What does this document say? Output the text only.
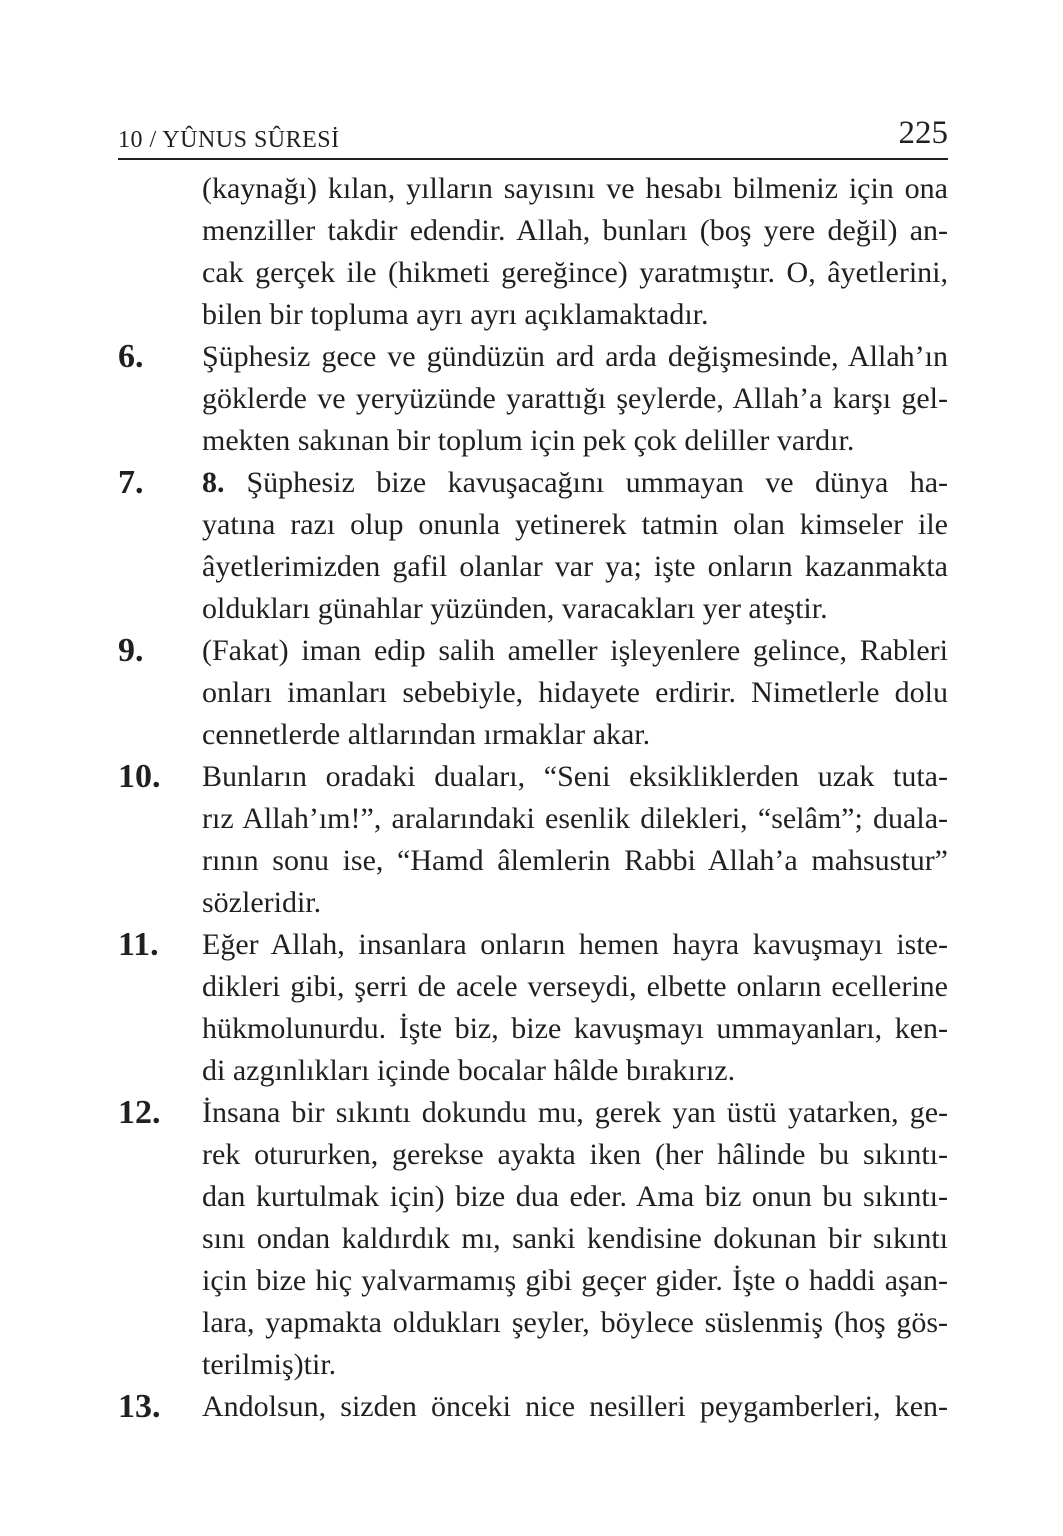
10 / YÛNUS SÛRESİ	225
(kaynağı) kılan, yılların sayısını ve hesabı bilmeniz için ona
menziller takdir edendir. Allah, bunları (boş yere değil) an-
cak gerçek ile (hikmeti gereğince) yaratmıştır. O, âyetlerini,
bilen bir topluma ayrı ayrı açıklamaktadır.
6. Şüphesiz gece ve gündüzün ard arda değişmesinde, Allah’ın
göklerde ve yeryüzünde yarattığı şeylerde, Allah’a karşı gel-
mekten sakınan bir toplum için pek çok deliller vardır.
7. 8. Şüphesiz bize kavuşacağını ummayan ve dünya ha-
yatına razı olup onunla yetinerek tatmin olan kimseler ile
âyetlerimizden gafil olanlar var ya; işte onların kazanmakta
oldukları günahlar yüzünden, varacakları yer ateştir.
9. (Fakat) iman edip salih ameller işleyenlere gelince, Rableri
onları imanları sebebiyle, hidayete erdirir. Nimetlerle dolu
cennetlerde altlarından ırmaklar akar.
10. Bunların oradaki duaları, “Seni eksikliklerden uzak tuta-
rız Allah’ım!”, aralarındaki esenlik dilekleri, “selâm”; duala-
rının sonu ise, “Hamd âlemlerin Rabbi Allah’a mahsustur”
sözleridir.
11. Eğer Allah, insanlara onların hemen hayra kavuşmayı iste-
dikleri gibi, şerri de acele verseydi, elbette onların ecellerine
hükmolunurdu. İşte biz, bize kavuşmayı ummayanları, ken-
di azgınlıkları içinde bocalar hâlde bırakırız.
12. İnsana bir sıkıntı dokundu mu, gerek yan üstü yatarken, ge-
rek otururken, gerekse ayakta iken (her hâlinde bu sıkıntı-
dan kurtulmak için) bize dua eder. Ama biz onun bu sıkıntı-
sını ondan kaldırdık mı, sanki kendisine dokunan bir sıkıntı
için bize hiç yalvarmamış gibi geçer gider. İşte o haddi aşan-
lara, yapmakta oldukları şeyler, böylece süslenmiş (hoş gös-
terilmiş)tir.
13. Andolsun, sizden önceki nice nesilleri peygamberleri, ken-
